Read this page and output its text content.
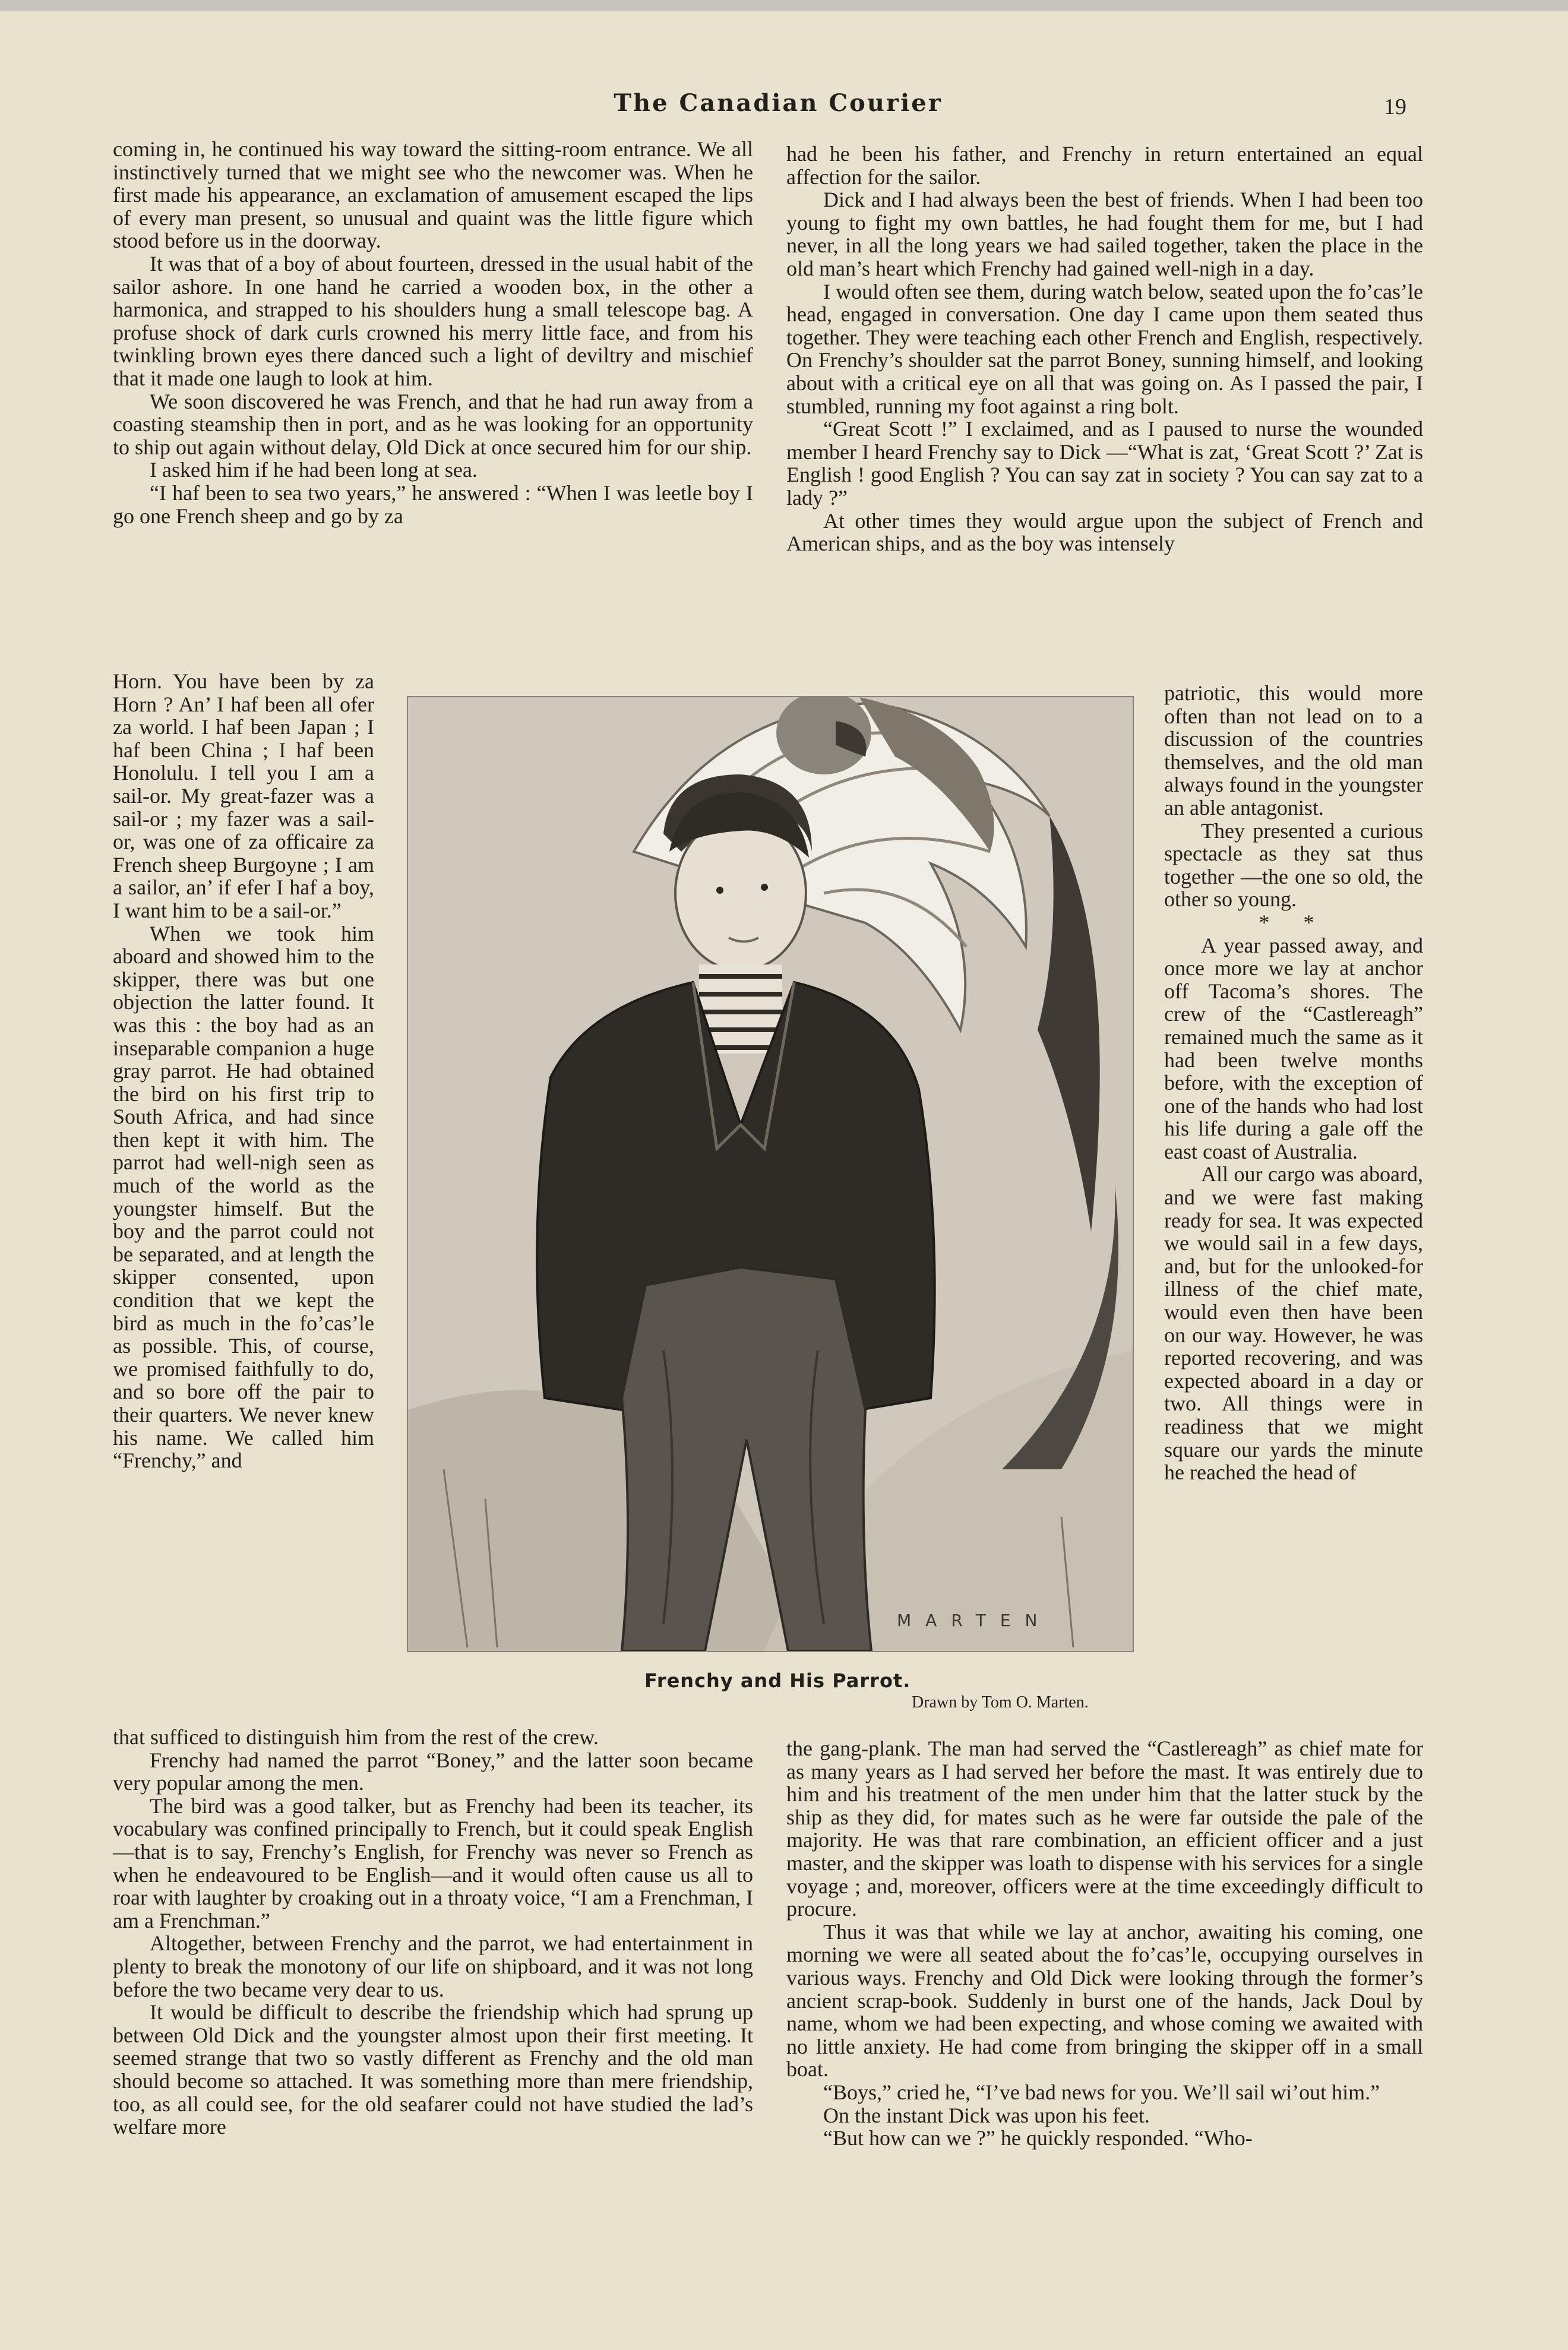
The Canadian Courier	19

coming in, he continued his way toward the sitting-room entrance. We all instinctively turned that we might see who the newcomer was. When he first made his appearance, an exclamation of amusement escaped the lips of every man present, so unusual and quaint was the little figure which stood before us in the doorway.

It was that of a boy of about fourteen, dressed in the usual habit of the sailor ashore. In one hand he carried a wooden box, in the other a harmonica, and strapped to his shoulders hung a small telescope bag. A profuse shock of dark curls crowned his merry little face, and from his twinkling brown eyes there danced such a light of deviltry and mischief that it made one laugh to look at him.

We soon discovered he was French, and that he had run away from a coasting steamship then in port, and as he was looking for an opportunity to ship out again without delay, Old Dick at once secured him for our ship.

I asked him if he had been long at sea.

“I haf been to sea two years,” he answered : “When I was leetle boy I go one French sheep and go by za

Horn. You have been by za Horn ? An’ I haf been all ofer za world. I haf been Japan ; I haf been China ; I haf been Honolulu. I tell you I am a sail-or. My great-fazer was a sail-or ; my fazer was a sail-or, was one of za officaire za French sheep Burgoyne ; I am a sailor, an’ if efer I haf a boy, I want him to be a sail-or.”

When we took him aboard and showed him to the skipper, there was but one objection the latter found. It was this : the boy had as an inseparable companion a huge gray parrot. He had obtained the bird on his first trip to South Africa, and had since then kept it with him. The parrot had well-nigh seen as much of the world as the youngster himself. But the boy and the parrot could not be separated, and at length the skipper consented, upon condition that we kept the bird as much in the fo’cas’le as possible. This, of course, we promised faithfully to do, and so bore off the pair to their quarters. We never knew his name. We called him “Frenchy,” and

MARTEN
Frenchy and His Parrot.
Drawn by Tom O. Marten.

that sufficed to distinguish him from the rest of the crew.

Frenchy had named the parrot “Boney,” and the latter soon became very popular among the men.

The bird was a good talker, but as Frenchy had been its teacher, its vocabulary was confined principally to French, but it could speak English—that is to say, Frenchy’s English, for Frenchy was never so French as when he endeavoured to be English—and it would often cause us all to roar with laughter by croaking out in a throaty voice, “I am a Frenchman, I am a Frenchman.”

Altogether, between Frenchy and the parrot, we had entertainment in plenty to break the monotony of our life on shipboard, and it was not long before the two became very dear to us.

It would be difficult to describe the friendship which had sprung up between Old Dick and the youngster almost upon their first meeting. It seemed strange that two so vastly different as Frenchy and the old man should become so attached. It was something more than mere friendship, too, as all could see, for the old seafarer could not have studied the lad’s welfare more

had he been his father, and Frenchy in return entertained an equal affection for the sailor.

Dick and I had always been the best of friends. When I had been too young to fight my own battles, he had fought them for me, but I had never, in all the long years we had sailed together, taken the place in the old man’s heart which Frenchy had gained well-nigh in a day.

I would often see them, during watch below, seated upon the fo’cas’le head, engaged in conversation. One day I came upon them seated thus together. They were teaching each other French and English, respectively. On Frenchy’s shoulder sat the parrot Boney, sunning himself, and looking about with a critical eye on all that was going on. As I passed the pair, I stumbled, running my foot against a ring bolt.

“Great Scott !” I exclaimed, and as I paused to nurse the wounded member I heard Frenchy say to Dick —“What is zat, ‘Great Scott ?’ Zat is English ! good English ? You can say zat in society ? You can say zat to a lady ?”

At other times they would argue upon the subject of French and American ships, and as the boy was intensely

patriotic, this would more often than not lead on to a discussion of the countries themselves, and the old man always found in the youngster an able antagonist.

They presented a curious spectacle as they sat thus together —the one so old, the other so young.

* *

A year passed away, and once more we lay at anchor off Tacoma’s shores. The crew of the “Castlereagh” remained much the same as it had been twelve months before, with the exception of one of the hands who had lost his life during a gale off the east coast of Australia.

All our cargo was aboard, and we were fast making ready for sea. It was expected we would sail in a few days, and, but for the unlooked-for illness of the chief mate, would even then have been on our way. However, he was reported recovering, and was expected aboard in a day or two. All things were in readiness that we might square our yards the minute he reached the head of

the gang-plank. The man had served the “Castlereagh” as chief mate for as many years as I had served her before the mast. It was entirely due to him and his treatment of the men under him that the latter stuck by the ship as they did, for mates such as he were far outside the pale of the majority. He was that rare combination, an efficient officer and a just master, and the skipper was loath to dispense with his services for a single voyage ; and, moreover, officers were at the time exceedingly difficult to procure.

Thus it was that while we lay at anchor, awaiting his coming, one morning we were all seated about the fo’cas’le, occupying ourselves in various ways. Frenchy and Old Dick were looking through the former’s ancient scrap-book. Suddenly in burst one of the hands, Jack Doul by name, whom we had been expecting, and whose coming we awaited with no little anxiety. He had come from bringing the skipper off in a small boat.

“Boys,” cried he, “I’ve bad news for you. We’ll sail wi’out him.”

On the instant Dick was upon his feet.

“But how can we ?” he quickly responded. “Who-
